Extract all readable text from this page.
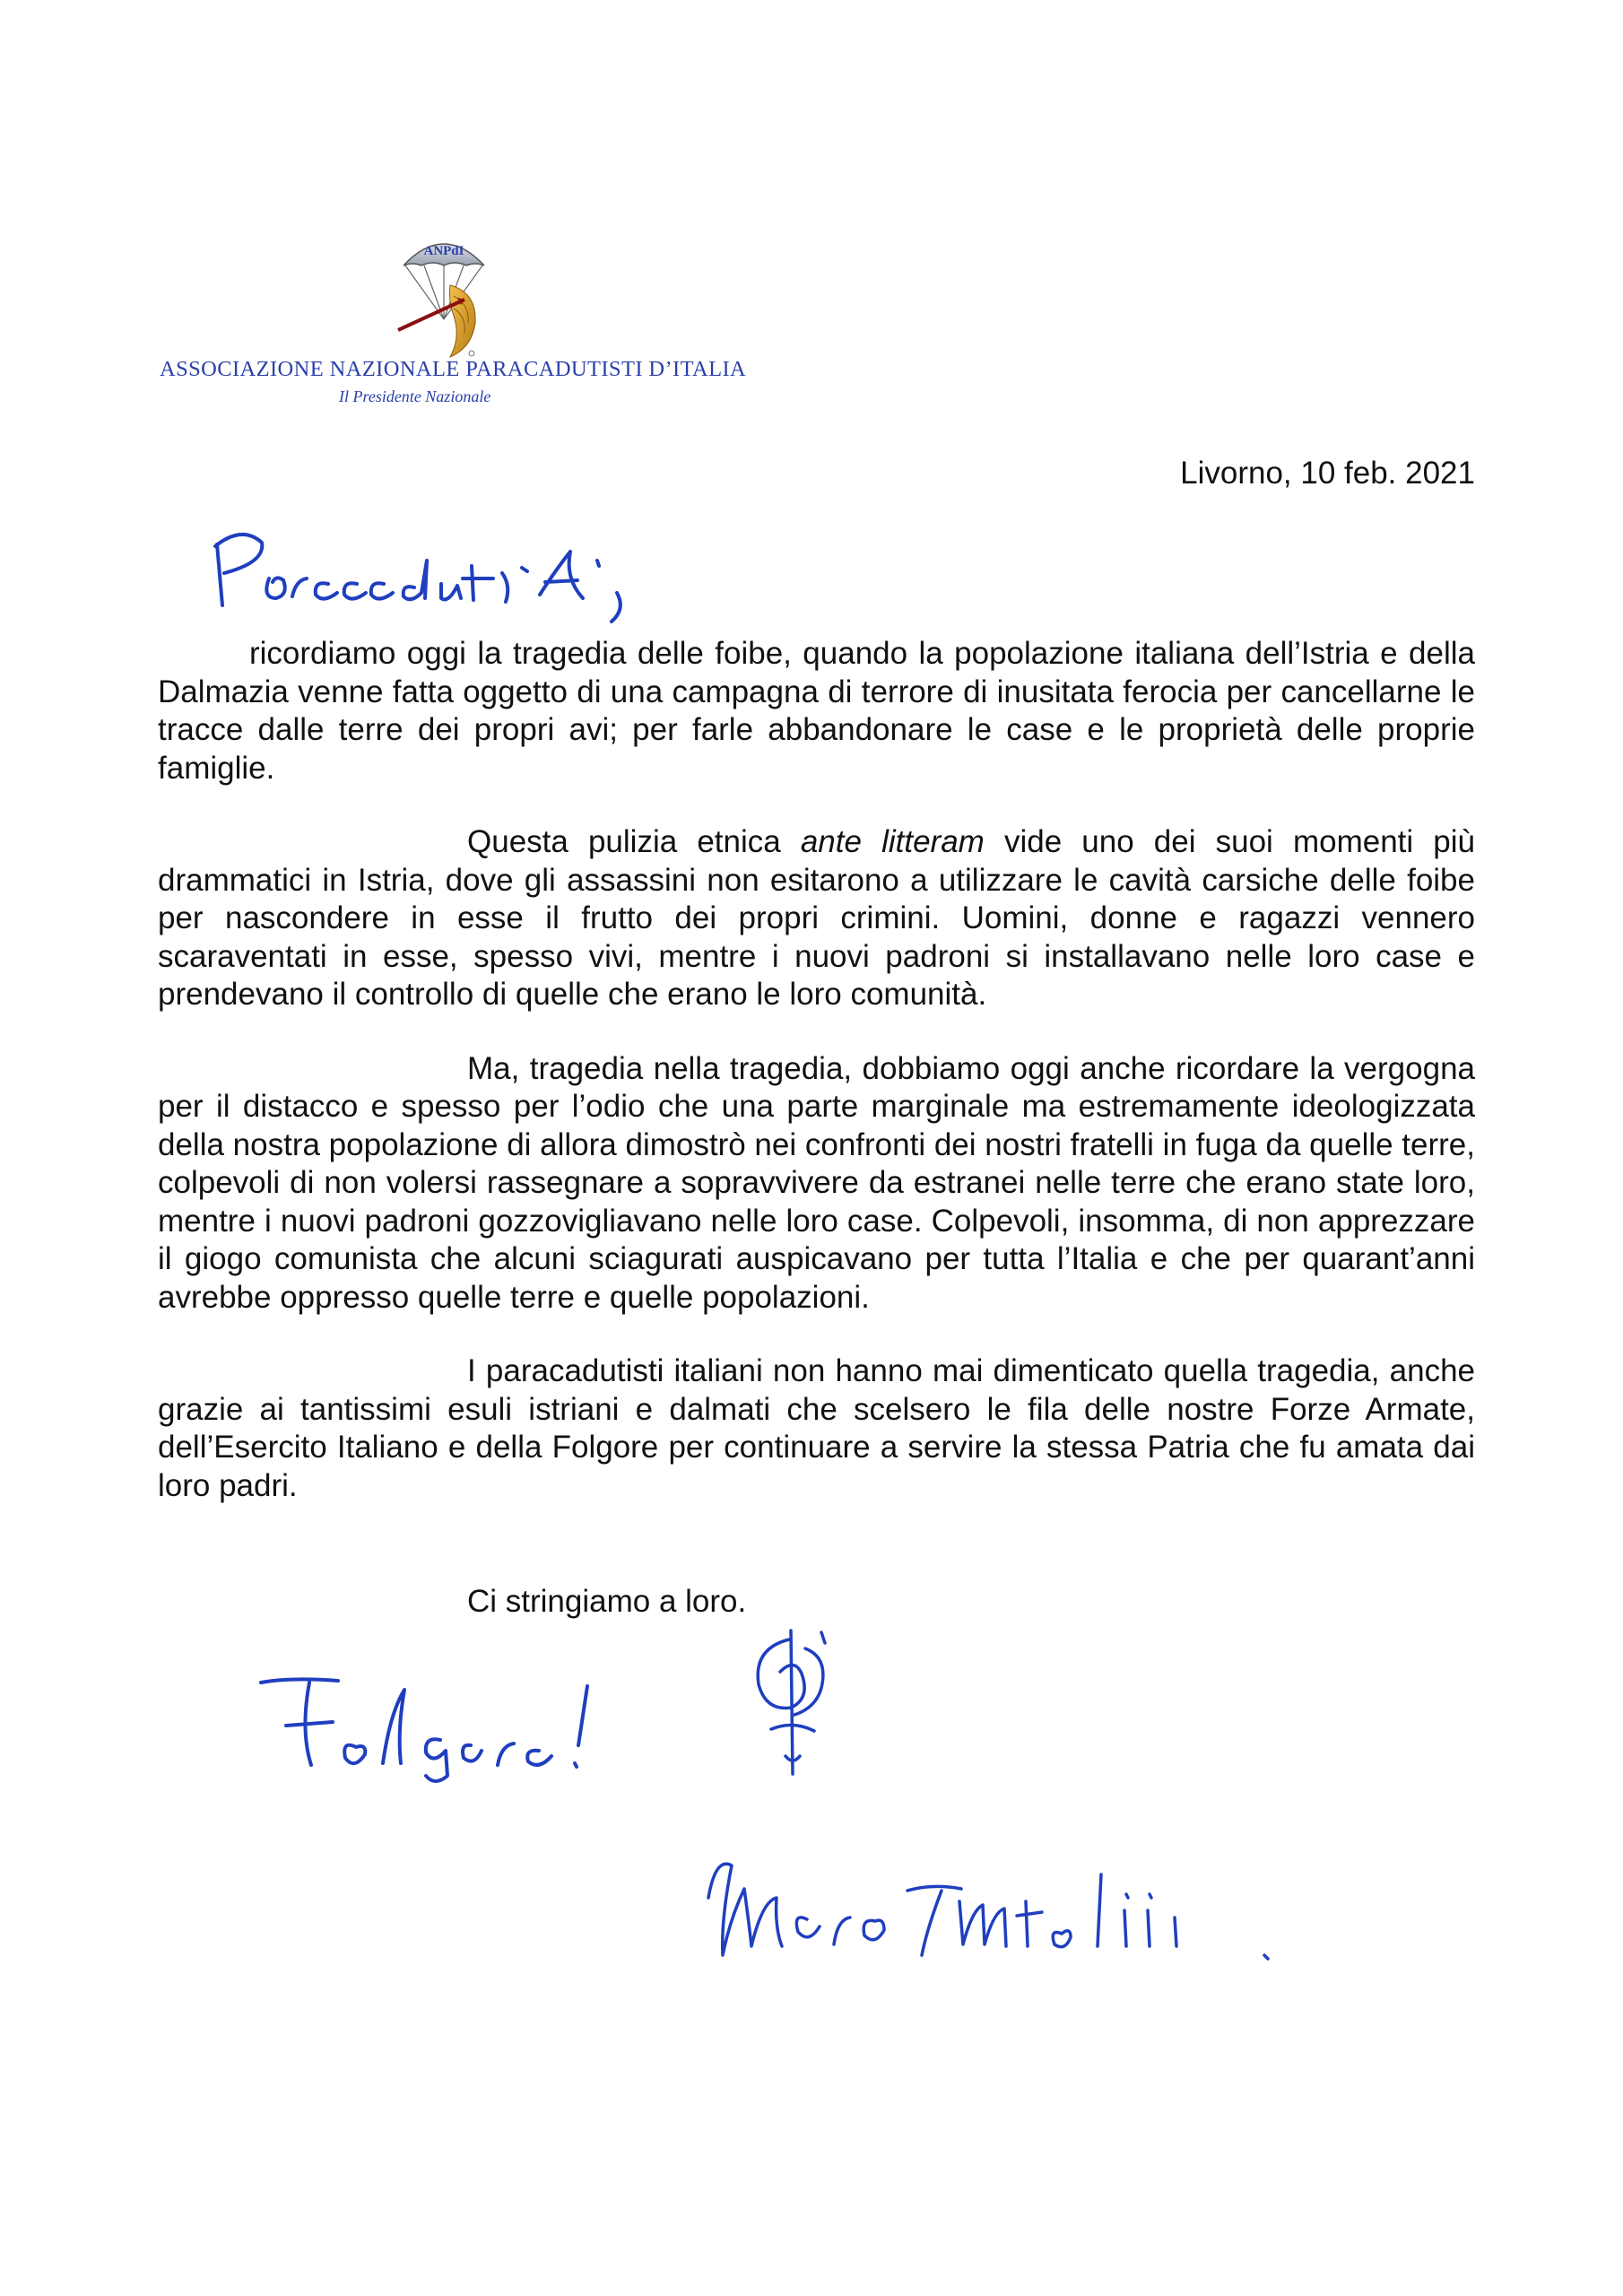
ANPdI
ASSOCIAZIONE NAZIONALE PARACADUTISTI D’ITALIA
Il Presidente Nazionale
Livorno, 10 feb. 2021

ricordiamo oggi la tragedia delle foibe, quando la popolazione italiana dell’Istria e della Dalmazia venne fatta oggetto di una campagna di terrore di inusitata ferocia per cancellarne le tracce dalle terre dei propri avi; per farle abbandonare le case e le proprietà delle proprie famiglie.

Questa pulizia etnica ante litteram vide uno dei suoi momenti più drammatici in Istria, dove gli assassini non esitarono a utilizzare le cavità carsiche delle foibe per nascondere in esse il frutto dei propri crimini. Uomini, donne e ragazzi vennero scaraventati in esse, spesso vivi, mentre i nuovi padroni si installavano nelle loro case e prendevano il controllo di quelle che erano le loro comunità.

Ma, tragedia nella tragedia, dobbiamo oggi anche ricordare la vergogna per il distacco e spesso per l’odio che una parte marginale ma estremamente ideologizzata della nostra popolazione di allora dimostrò nei confronti dei nostri fratelli in fuga da quelle terre, colpevoli di non volersi rassegnare a sopravvivere da estranei nelle terre che erano state loro, mentre i nuovi padroni gozzovigliavano nelle loro case. Colpevoli, insomma, di non apprezzare il giogo comunista che alcuni sciagurati auspicavano per tutta l’Italia e che per quarant’anni avrebbe oppresso quelle terre e quelle popolazioni.

I paracadutisti italiani non hanno mai dimenticato quella tragedia, anche grazie ai tantissimi esuli istriani e dalmati che scelsero le fila delle nostre Forze Armate, dell’Esercito Italiano e della Folgore per continuare a servire la stessa Patria che fu amata dai loro padri.

Ci stringiamo a loro.
